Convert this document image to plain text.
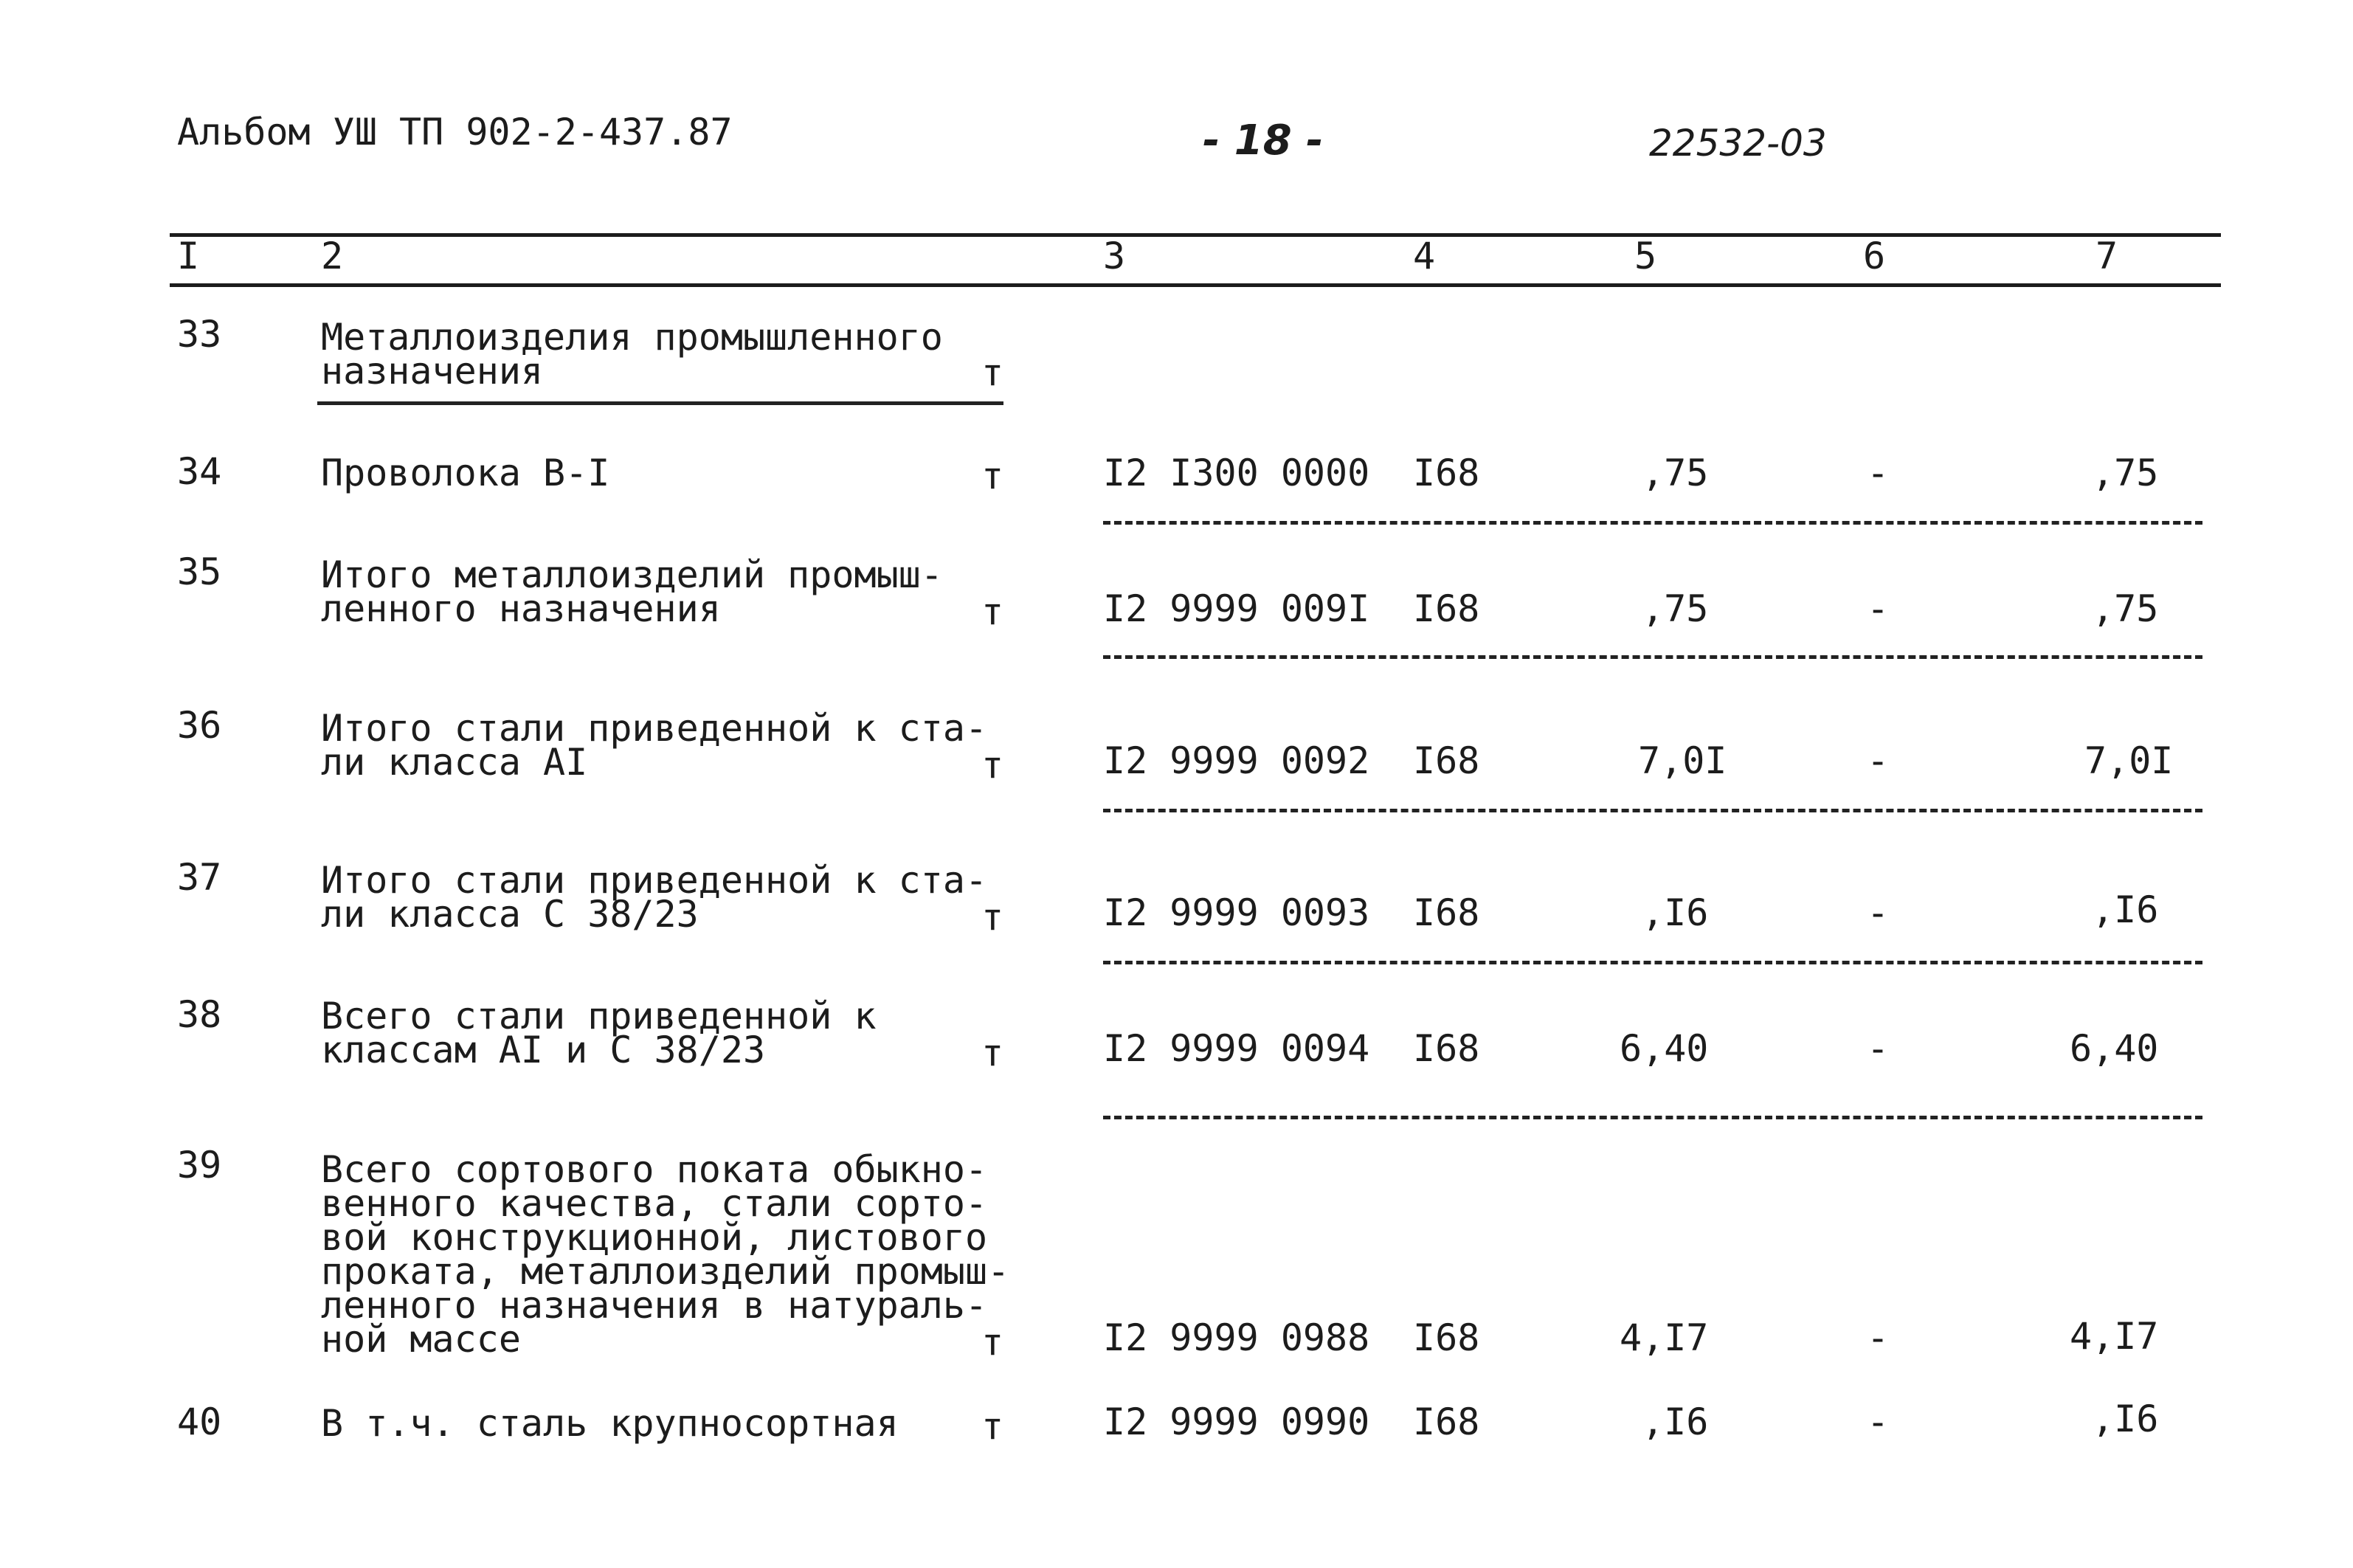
Альбом УШ ТП 902-2-437.87	- 18 -	22532-03
I	2	3	4	5	6	7
33	Металлоизделия промышленного
назначения	т
34	Проволока В-I	т	I2 I300 0000 I68	,75	-	,75
35	Итого металлоизделий промыш-
ленного назначения	т	I2 9999 009I I68	,75	-	,75
36	Итого стали приведенной к ста-
ли класса AI	т	I2 9999 0092 I68	7,0I	-	7,0I
37	Итого стали приведенной к ста-
ли класса С 38/23	т	I2 9999 0093 I68	,I6	-	,I6
38	Всего стали приведенной к
классам AI и С 38/23	т	I2 9999 0094 I68	6,40	-	6,40
39	Всего сортового поката обыкно-
венного качества, стали сорто-
вой конструкционной, листового
проката, металлоизделий промыш-
ленного назначения в натураль-
ной массе	т	I2 9999 0988 I68	4,I7	-	4,I7
40	В т.ч. сталь крупносортная т	I2 9999 0990 I68	,I6	-	,I6
